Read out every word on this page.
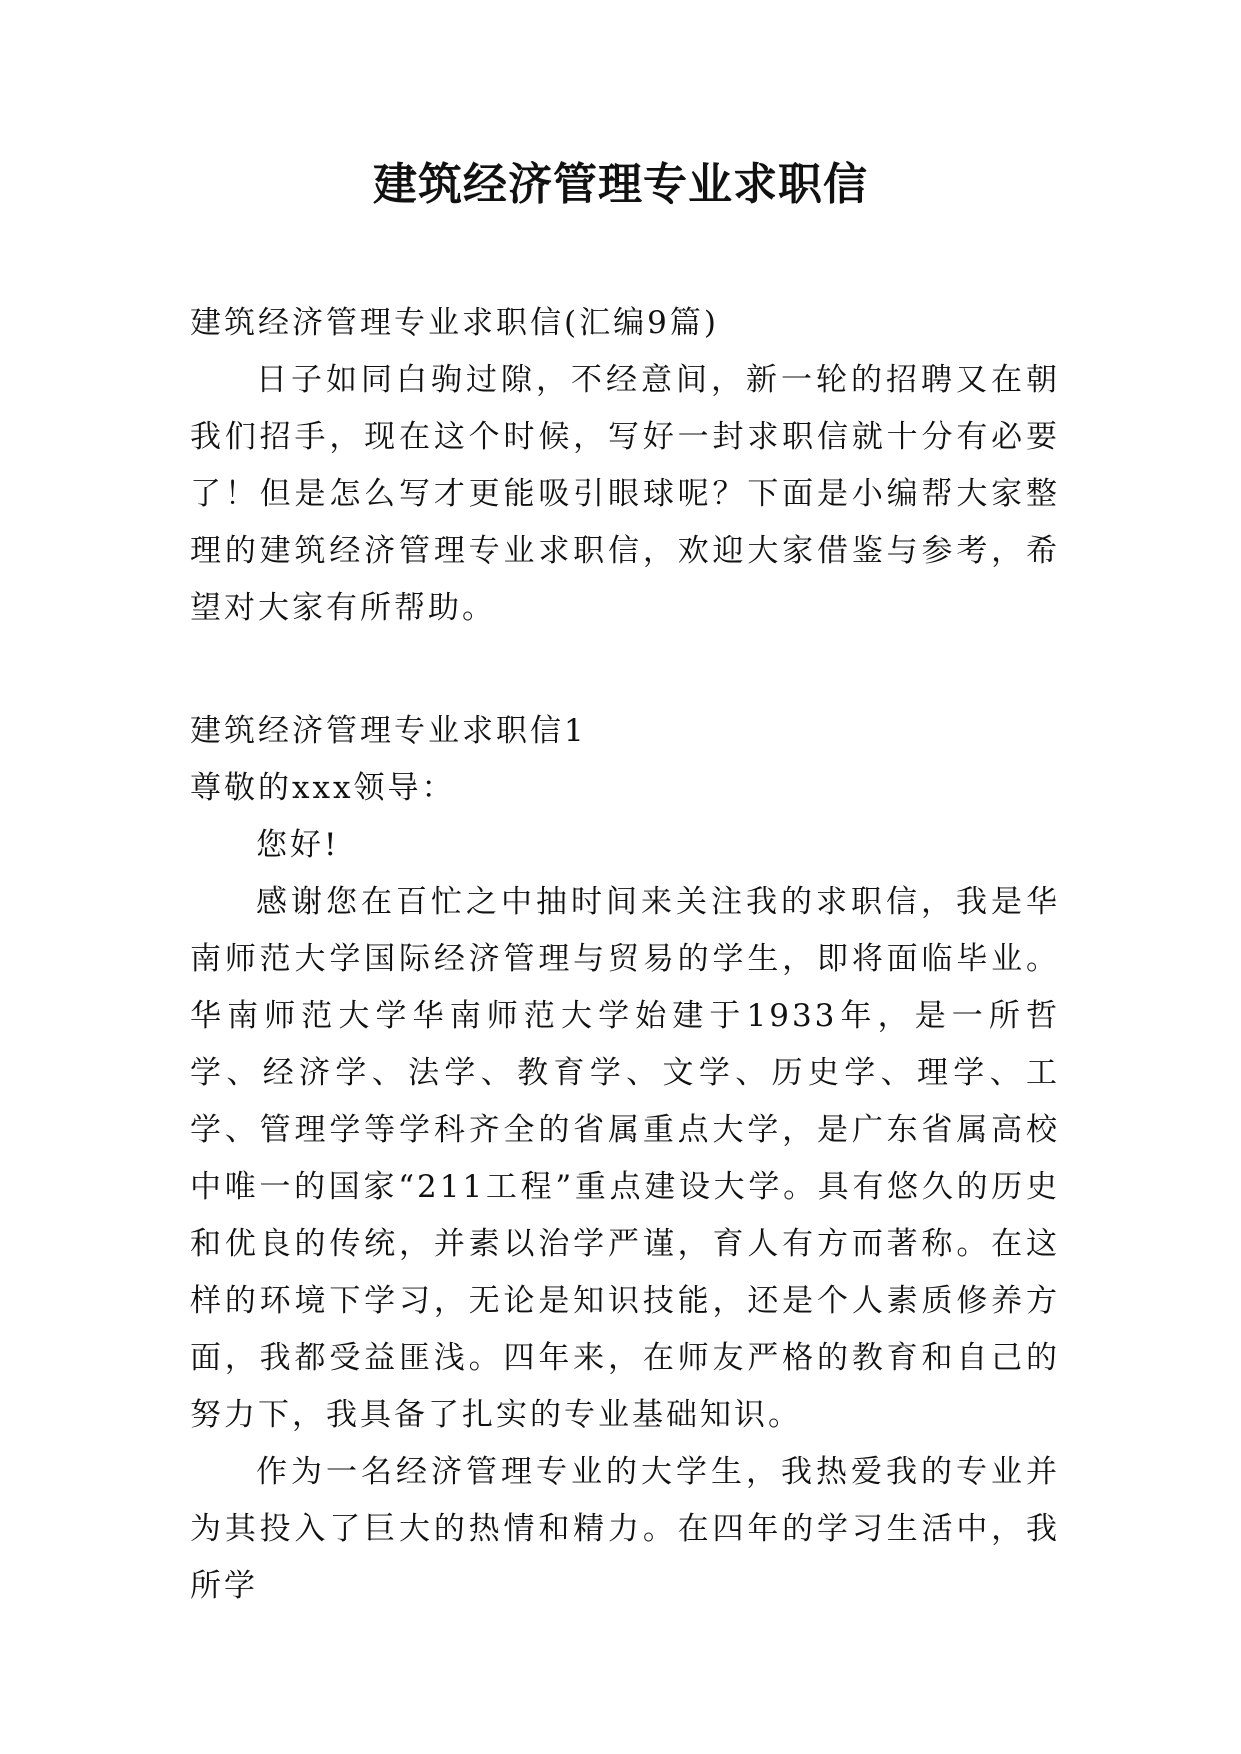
建筑经济管理专业求职信

建筑经济管理专业求职信(汇编9篇)

日子如同白驹过隙，不经意间，新一轮的招聘又在朝我们招手，现在这个时候，写好一封求职信就十分有必要了！但是怎么写才更能吸引眼球呢？下面是小编帮大家整理的建筑经济管理专业求职信，欢迎大家借鉴与参考，希望对大家有所帮助。

建筑经济管理专业求职信1

尊敬的xxx领导：

您好!

感谢您在百忙之中抽时间来关注我的求职信，我是华南师范大学国际经济管理与贸易的学生，即将面临毕业。华南师范大学华南师范大学始建于1933年，是一所哲学、经济学、法学、教育学、文学、历史学、理学、工学、管理学等学科齐全的省属重点大学，是广东省属高校中唯一的国家“211工程”重点建设大学。具有悠久的历史和优良的传统，并素以治学严谨，育人有方而著称。在这样的环境下学习，无论是知识技能，还是个人素质修养方面，我都受益匪浅。四年来，在师友严格的教育和自己的努力下，我具备了扎实的专业基础知识。

作为一名经济管理专业的大学生，我热爱我的专业并为其投入了巨大的热情和精力。在四年的学习生活中，我所学
